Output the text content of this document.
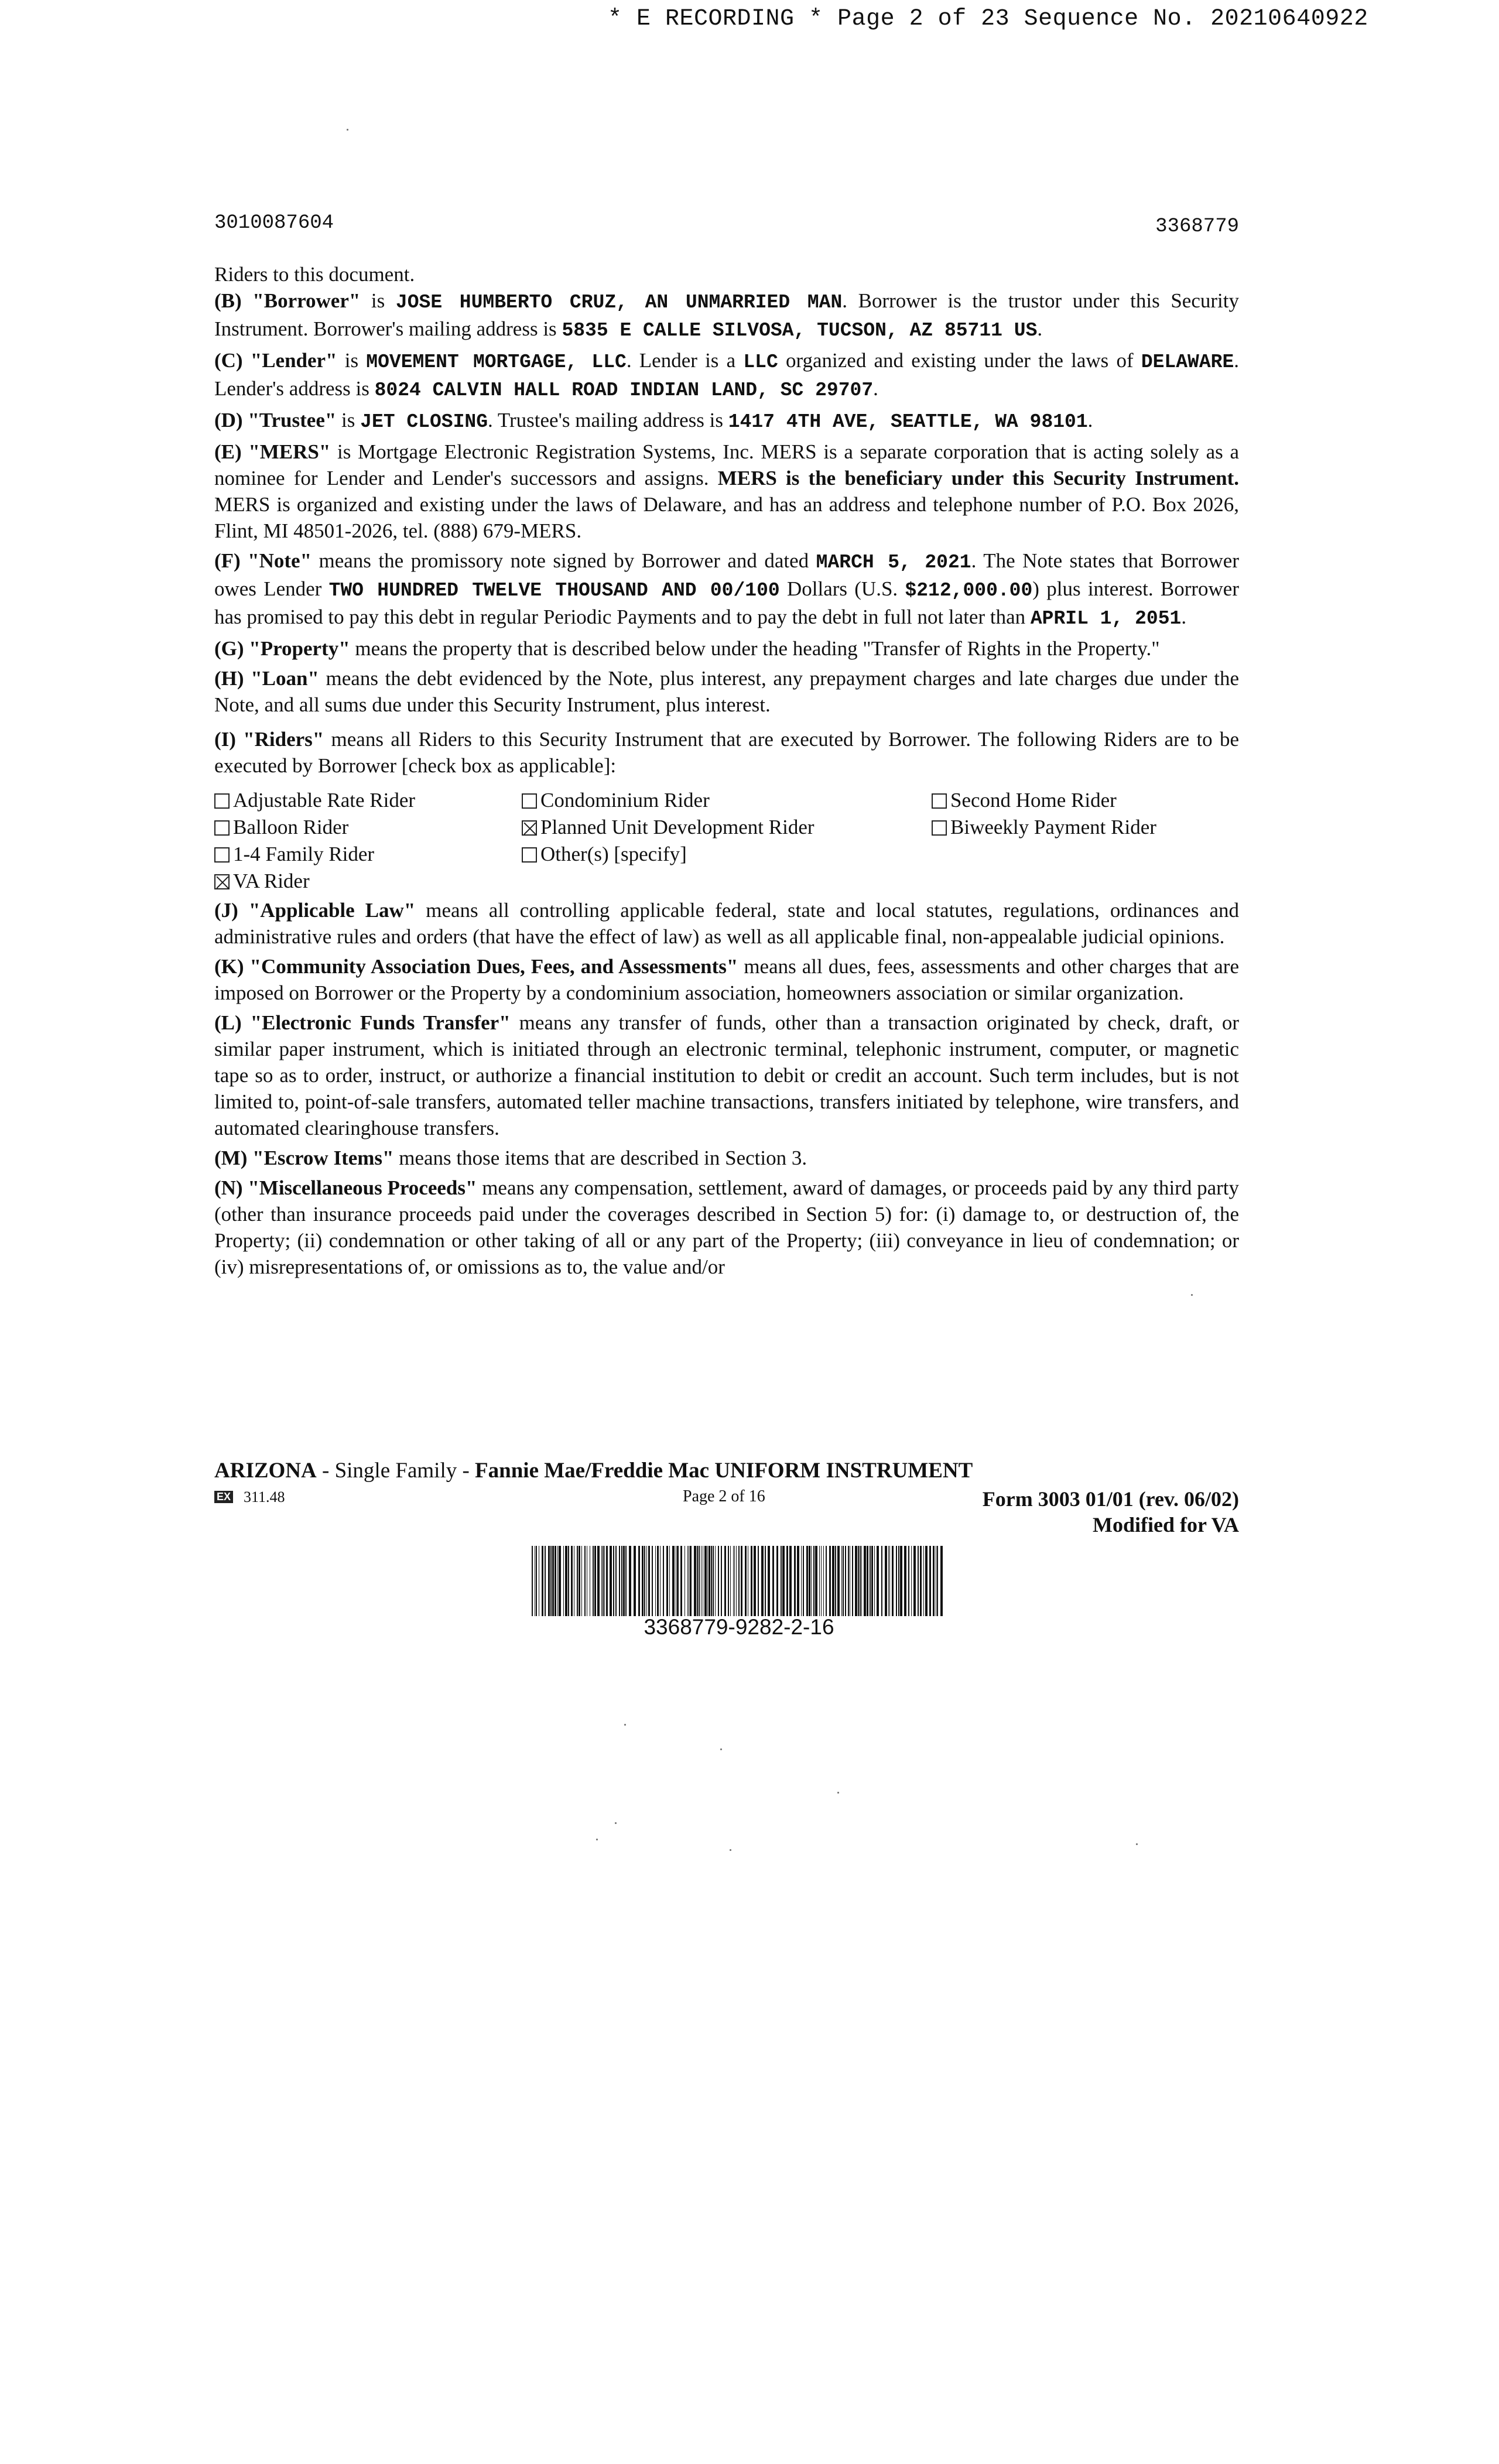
* E RECORDING * Page 2 of 23 Sequence No. 20210640922
3010087604	3368779

Riders to this document.

(B) "Borrower" is JOSE HUMBERTO CRUZ, AN UNMARRIED MAN. Borrower is the trustor under this Security Instrument. Borrower's mailing address is 5835 E CALLE SILVOSA, TUCSON, AZ 85711 US.

(C) "Lender" is MOVEMENT MORTGAGE, LLC. Lender is a LLC organized and existing under the laws of DELAWARE. Lender's address is 8024 CALVIN HALL ROAD INDIAN LAND, SC 29707.

(D) "Trustee" is JET CLOSING. Trustee's mailing address is 1417 4TH AVE, SEATTLE, WA 98101.

(E) "MERS" is Mortgage Electronic Registration Systems, Inc. MERS is a separate corporation that is acting solely as a nominee for Lender and Lender's successors and assigns. MERS is the beneficiary under this Security Instrument. MERS is organized and existing under the laws of Delaware, and has an address and telephone number of P.O. Box 2026, Flint, MI 48501-2026, tel. (888) 679-MERS.

(F) "Note" means the promissory note signed by Borrower and dated MARCH 5, 2021. The Note states that Borrower owes Lender TWO HUNDRED TWELVE THOUSAND AND 00/100 Dollars (U.S. $212,000.00) plus interest. Borrower has promised to pay this debt in regular Periodic Payments and to pay the debt in full not later than APRIL 1, 2051.

(G) "Property" means the property that is described below under the heading "Transfer of Rights in the Property."

(H) "Loan" means the debt evidenced by the Note, plus interest, any prepayment charges and late charges due under the Note, and all sums due under this Security Instrument, plus interest.

(I) "Riders" means all Riders to this Security Instrument that are executed by Borrower. The following Riders are to be executed by Borrower [check box as applicable]:

Adjustable Rate Rider	Condominium Rider	Second Home Rider
Balloon Rider	Planned Unit Development Rider	Biweekly Payment Rider
1-4 Family Rider	Other(s) [specify]
VA Rider

(J) "Applicable Law" means all controlling applicable federal, state and local statutes, regulations, ordinances and administrative rules and orders (that have the effect of law) as well as all applicable final, non-appealable judicial opinions.

(K) "Community Association Dues, Fees, and Assessments" means all dues, fees, assessments and other charges that are imposed on Borrower or the Property by a condominium association, homeowners association or similar organization.

(L) "Electronic Funds Transfer" means any transfer of funds, other than a transaction originated by check, draft, or similar paper instrument, which is initiated through an electronic terminal, telephonic instrument, computer, or magnetic tape so as to order, instruct, or authorize a financial institution to debit or credit an account. Such term includes, but is not limited to, point-of-sale transfers, automated teller machine transactions, transfers initiated by telephone, wire transfers, and automated clearinghouse transfers.

(M) "Escrow Items" means those items that are described in Section 3.

(N) "Miscellaneous Proceeds" means any compensation, settlement, award of damages, or proceeds paid by any third party (other than insurance proceeds paid under the coverages described in Section 5) for: (i) damage to, or destruction of, the Property; (ii) condemnation or other taking of all or any part of the Property; (iii) conveyance in lieu of condemnation; or (iv) misrepresentations of, or omissions as to, the value and/or

ARIZONA - Single Family - Fannie Mae/Freddie Mac UNIFORM INSTRUMENT
EX 311.48	Page 2 of 16	Form 3003 01/01 (rev. 06/02)
Modified for VA
3368779-9282-2-16
